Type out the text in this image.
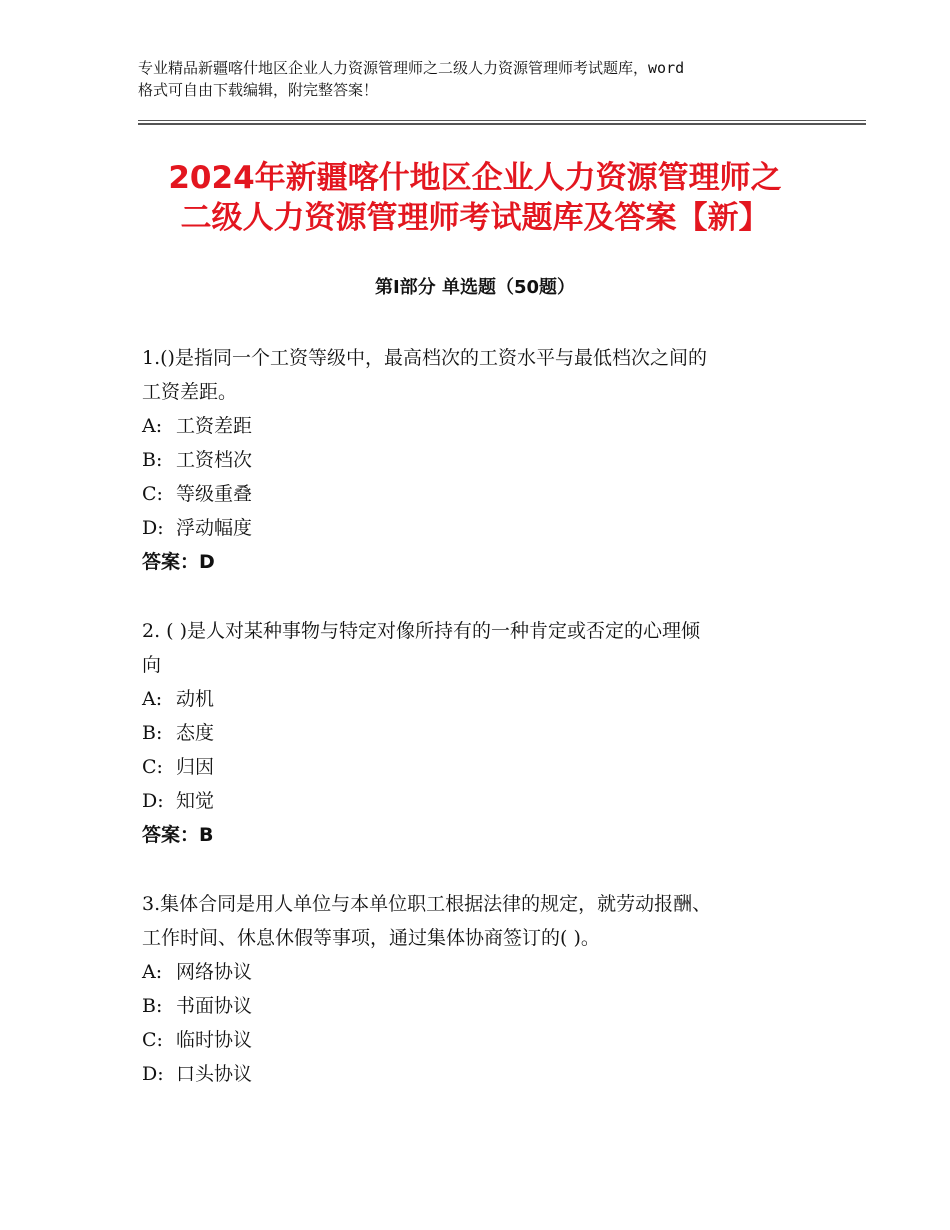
专业精品新疆喀什地区企业人力资源管理师之二级人力资源管理师考试题库，word
格式可自由下载编辑，附完整答案！
2024年新疆喀什地区企业人力资源管理师之
二级人力资源管理师考试题库及答案【新】
第Ⅰ部分 单选题（50题）

1.()是指同一个工资等级中，最高档次的工资水平与最低档次之间的

工资差距。

A: 工资差距

B: 工资档次

C: 等级重叠

D: 浮动幅度

答案：D

2. ( )是人对某种事物与特定对像所持有的一种肯定或否定的心理倾

向

A: 动机

B: 态度

C: 归因

D: 知觉

答案：B

3.集体合同是用人单位与本单位职工根据法律的规定，就劳动报酬、

工作时间、休息休假等事项，通过集体协商签订的( )。

A: 网络协议

B: 书面协议

C: 临时协议

D: 口头协议
